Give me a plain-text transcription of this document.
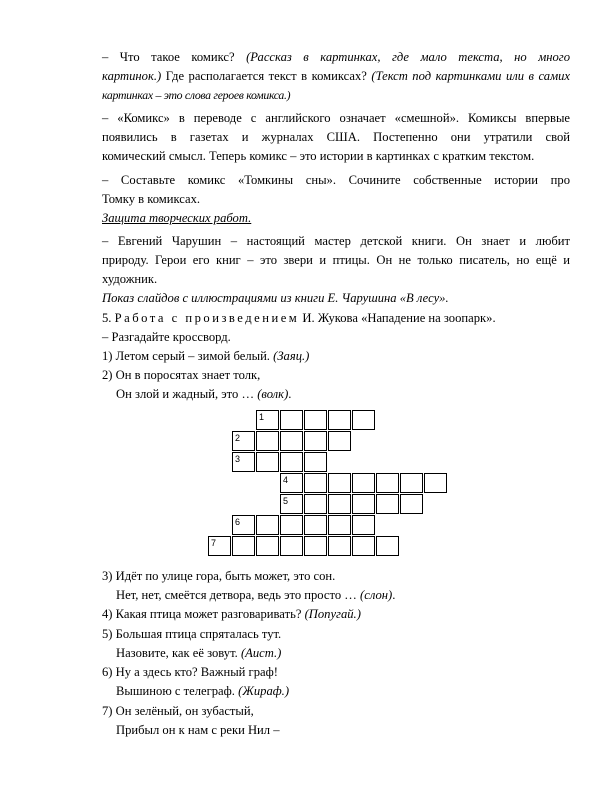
– Что такое комикс? (Рассказ в картинках, где мало текста, но много
картинок.) Где располагается текст в комиксах? (Текст под картинками или в самих
картинках – это слова героев комикса.)
– «Комикс» в переводе с английского означает «смешной». Комиксы впервые
появились в газетах и журналах США. Постепенно они утратили свой
комический смысл. Теперь комикс – это истории в картинках с кратким текстом.
– Составьте комикс «Томкины сны». Сочините собственные истории про
Томку в комиксах.
Защита творческих работ.
– Евгений Чарушин – настоящий мастер детской книги. Он знает и любит
природу. Герои его книг – это звери и птицы. Он не только писатель, но ещё и
художник.
Показ слайдов с иллюстрациями из книги Е. Чарушина «В лесу».
5. Работа с произведением И. Жукова «Нападение на зоопарк».
– Разгадайте кроссворд.
1) Летом серый – зимой белый. (Заяц.)
2) Он в поросятах знает толк,
Он злой и жадный, это … (волк).
1
2
3
4
5
6
7
3) Идёт по улице гора, быть может, это сон.
Нет, нет, смеётся детвора, ведь это просто … (слон).
4) Какая птица может разговаривать? (Попугай.)
5) Большая птица спряталась тут.
Назовите, как её зовут. (Аист.)
6) Ну а здесь кто? Важный граф!
Вышиною с телеграф. (Жираф.)
7) Он зелёный, он зубастый,
Прибыл он к нам с реки Нил –
